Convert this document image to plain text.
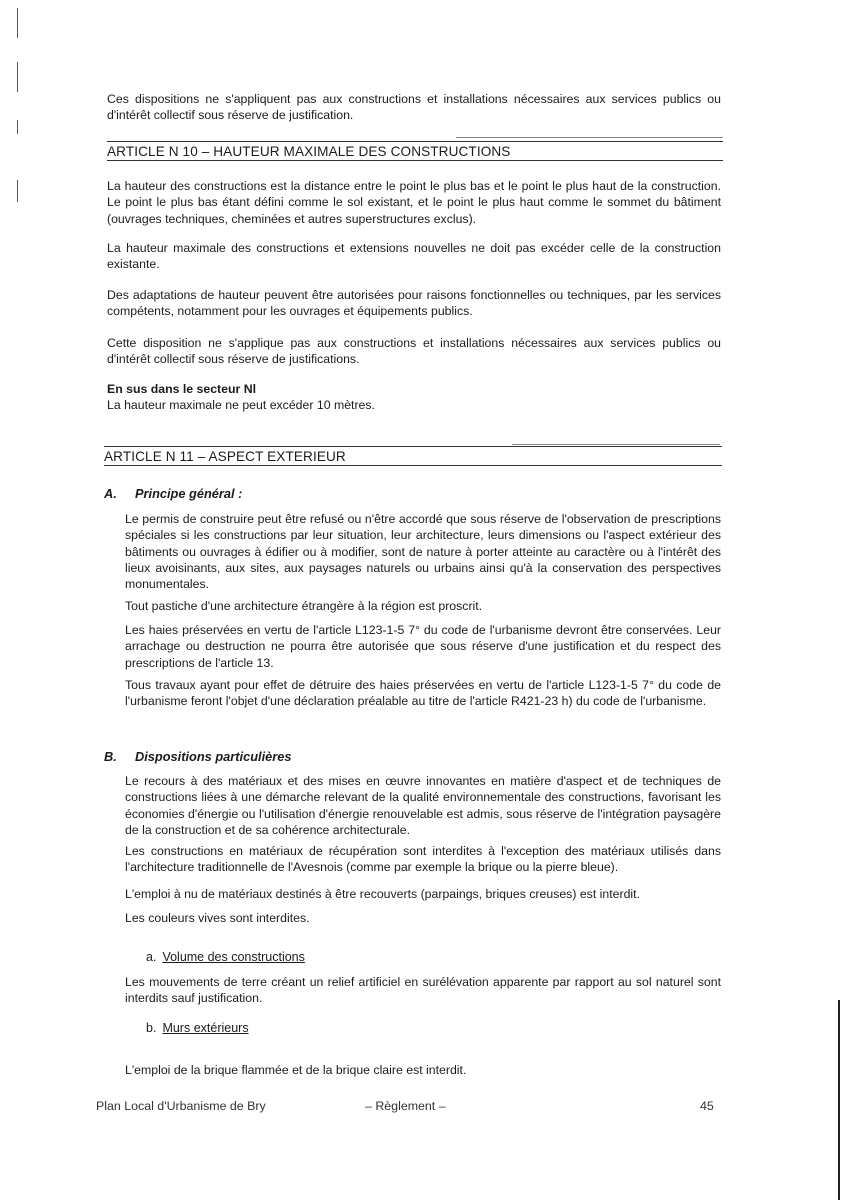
Ces dispositions ne s'appliquent pas aux constructions et installations nécessaires aux services publics ou d'intérêt collectif sous réserve de justification.

ARTICLE N 10 – HAUTEUR MAXIMALE DES CONSTRUCTIONS

La hauteur des constructions est la distance entre le point le plus bas et le point le plus haut de la construction. Le point le plus bas étant défini comme le sol existant, et le point le plus haut comme le sommet du bâtiment (ouvrages techniques, cheminées et autres superstructures exclus).

La hauteur maximale des constructions et extensions nouvelles ne doit pas excéder celle de la construction existante.

Des adaptations de hauteur peuvent être autorisées pour raisons fonctionnelles ou techniques, par les services compétents, notamment pour les ouvrages et équipements publics.

Cette disposition ne s'applique pas aux constructions et installations nécessaires aux services publics ou d'intérêt collectif sous réserve de justifications.

En sus dans le secteur Nl

La hauteur maximale ne peut excéder 10 mètres.

ARTICLE N 11 – ASPECT EXTERIEUR
A. Principe général :

Le permis de construire peut être refusé ou n'être accordé que sous réserve de l'observation de prescriptions spéciales si les constructions par leur situation, leur architecture, leurs dimensions ou l'aspect extérieur des bâtiments ou ouvrages à édifier ou à modifier, sont de nature à porter atteinte au caractère ou à l'intérêt des lieux avoisinants, aux sites, aux paysages naturels ou urbains ainsi qu'à la conservation des perspectives monumentales.

Tout pastiche d'une architecture étrangère à la région est proscrit.

Les haies préservées en vertu de l'article L123-1-5 7° du code de l'urbanisme devront être conservées. Leur arrachage ou destruction ne pourra être autorisée que sous réserve d'une justification et du respect des prescriptions de l'article 13.

Tous travaux ayant pour effet de détruire des haies préservées en vertu de l'article L123-1-5 7° du code de l'urbanisme feront l'objet d'une déclaration préalable au titre de l'article R421-23 h) du code de l'urbanisme.

B. Dispositions particulières

Le recours à des matériaux et des mises en œuvre innovantes en matière d'aspect et de techniques de constructions liées à une démarche relevant de la qualité environnementale des constructions, favorisant les économies d'énergie ou l'utilisation d'énergie renouvelable est admis, sous réserve de l'intégration paysagère de la construction et de sa cohérence architecturale.

Les constructions en matériaux de récupération sont interdites à l'exception des matériaux utilisés dans l'architecture traditionnelle de l'Avesnois (comme par exemple la brique ou la pierre bleue).

L'emploi à nu de matériaux destinés à être recouverts (parpaings, briques creuses) est interdit.

Les couleurs vives sont interdites.

a. Volume des constructions

Les mouvements de terre créant un relief artificiel en surélévation apparente par rapport au sol naturel sont interdits sauf justification.

b. Murs extérieurs

L'emploi de la brique flammée et de la brique claire est interdit.

Plan Local d'Urbanisme de Bry	– Règlement –	45
